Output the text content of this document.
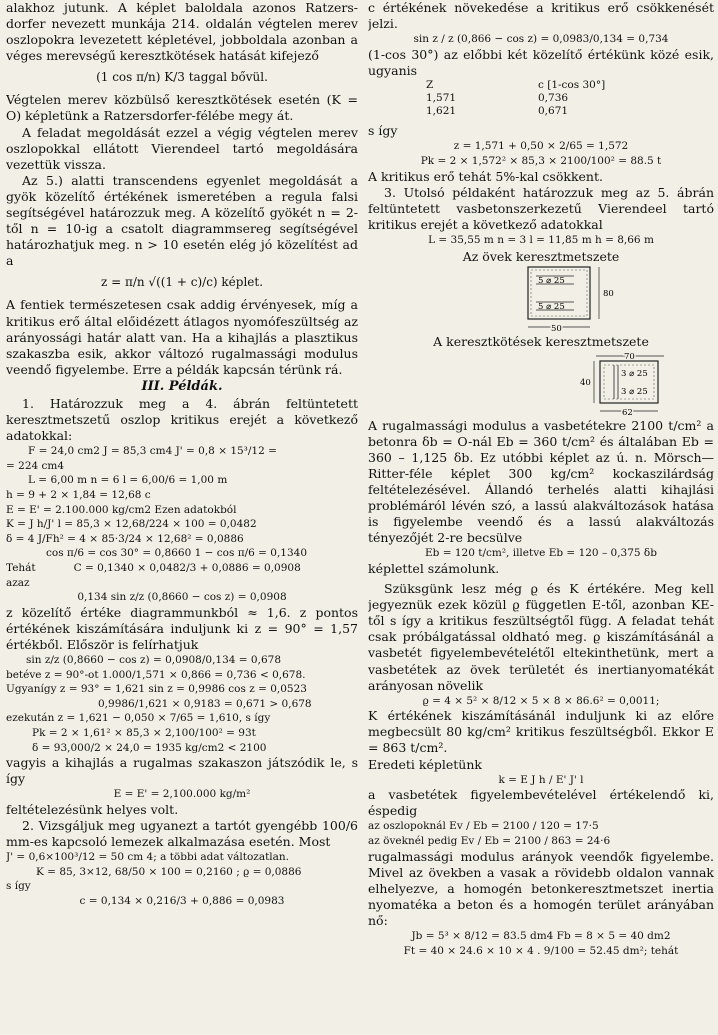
alakhoz jutunk. A képlet baloldala azonos Ratzers-dorfer nevezett munkája 214. oldalán végtelen merev oszlopokra levezetett képletével, jobboldala azonban a véges merevségű keresztkötések hatását kifejező

(1 cos π/n) K/3 taggal bővül.

Végtelen merev közbülső keresztkötések esetén (K = O) képletünk a Ratzersdorfer-félébe megy át.

A feladat megoldását ezzel a végig végtelen merev oszlopokkal ellátott Vierendeel tartó megoldására vezettük vissza.

Az 5.) alatti transcendens egyenlet megoldását a gyök közelítő értékének ismeretében a regula falsi segítségével határozzuk meg. A közelítő gyökét n = 2-től n = 10-ig a csatolt diagrammsereg segítségével határozhatjuk meg. n > 10 esetén elég jó közelítést ad a

z = π/n √((1 + c)/c) képlet.

A fentiek természetesen csak addig érvényesek, míg a kritikus erő által előidézett átlagos nyomófeszültség az arányossági határ alatt van. Ha a kihajlás a plasztikus szakaszba esik, akkor változó rugalmassági modulus veendő figyelembe. Erre a példák kapcsán térünk rá.

III. Példák.

1. Határozzuk meg a 4. ábrán feltüntetett keresztmetszetű oszlop kritikus erejét a következő adatokkal:

F = 24,0 cm2 J = 85,3 cm4 J' = 0,8 × 15³/12 =

= 224 cm4

L = 6,00 m n = 6 l = 6,00/6 = 1,00 m

h = 9 + 2 × 1,84 = 12,68 c

E = E' = 2.100.000 kg/cm2 Ezen adatokból

K = J h/J' l = 85,3 × 12,68/224 × 100 = 0,0482

δ = 4 J/Fh² = 4 × 85·3/24 × 12,68² = 0,0886

cos π/6 = cos 30° = 0,8660 1 − cos π/6 = 0,1340

Tehát	C = 0,1340 × 0,0482/3 + 0,0886 = 0,0908

azaz

0,134 sin z/z (0,8660 − cos z) = 0,0908

z közelítő értéke diagrammunkból ≈ 1,6. z pontos értékének kiszámítására induljunk ki z = 90° = 1,57 értékből. Először is felírhatjuk

sin z/z (0,8660 − cos z) = 0,0908/0,134 = 0,678

betéve z = 90°-ot 1.000/1,571 × 0,866 = 0,736 < 0,678.

Ugyanígy z = 93° = 1,621 sin z = 0,9986 cos z = 0,0523

0,9986/1,621 × 0,9183 = 0,671 > 0,678

ezekután z = 1,621 − 0,050 × 7/65 = 1,610, s így

Pk = 2 × 1,61² × 85,3 × 2,100/100² = 93t

δ = 93,000/2 × 24,0 = 1935 kg/cm2 < 2100

vagyis a kihajlás a rugalmas szakaszon játszódik le, s így

E = E' = 2,100.000 kg/m²

feltételezésünk helyes volt.

2. Vizsgáljuk meg ugyanezt a tartót gyengébb 100/6 mm-es kapcsoló lemezek alkalmazása esetén. Most

J' = 0,6×100³/12 = 50 cm 4; a többi adat változatlan.

K = 85, 3×12, 68/50 × 100 = 0,2160 ; ϱ = 0,0886

s így

c = 0,134 × 0,216/3 + 0,886 = 0,0983

c értékének növekedése a kritikus erő csökkenését jelzi.

sin z / z (0,866 − cos z) = 0,0983/0,134 = 0,734

(1-cos 30°) az előbbi két közelítő értékünk közé esik, ugyanis

Z	c [1-cos 30°]
1,571	0,736
1,621	0,671

s így

z = 1,571 + 0,50 × 2/65 = 1,572

Pk = 2 × 1,572² × 85,3 × 2100/100² = 88.5 t

A kritikus erő tehát 5%-kal csökkent.

3. Utolsó példaként határozzuk meg az 5. ábrán feltüntetett vasbetonszerkezetű Vierendeel tartó kritikus erejét a következő adatokkal

L = 35,55 m n = 3 l = 11,85 m h = 8,66 m

Az övek keresztmetszete

5 ⌀ 25
5 ⌀ 25
80
50

A keresztkötések keresztmetszete

70
3 ⌀ 25
3 ⌀ 25
40
62

A rugalmassági modulus a vasbetétekre 2100 t/cm² a betonra δb = O-nál Eb = 360 t/cm² és általában Eb = 360 – 1,125 δb. Ez utóbbi képlet az ú. n. Mörsch—Ritter-féle képlet 300 kg/cm² kockaszilárdság feltételezésével. Állandó terhelés alatti kihajlási problémáról lévén szó, a lassú alakváltozások hatása is figyelembe veendő és a lassú alakváltozás tényezőjét 2-re becsülve

Eb = 120 t/cm², illetve Eb = 120 – 0,375 δb

képlettel számolunk.

Szüksgünk lesz még ϱ és K értékére. Meg kell jegyeznük ezek közül ϱ független E-től, azonban KE-től s így a kritikus feszültségtől függ. A feladat tehát csak próbálgatással oldható meg. ϱ kiszámításánál a vasbetét figyelembevételétől eltekinthetünk, mert a vasbetétek az övek területét és inertianyomatékát arányosan növelik

ϱ = 4 × 5² × 8/12 × 5 × 8 × 86.6² = 0,0011;

K értékének kiszámításánál induljunk ki az előre megbecsült 80 kg/cm² kritikus feszültségből. Ekkor E = 863 t/cm².

Eredeti képletünk

k = E J h / E' J' l

a vasbetétek figyelembevételével értékelendő ki, éspedig

az oszlopoknál Ev / Eb = 2100 / 120 = 17·5

az öveknél pedig Ev / Eb = 2100 / 863 = 24·6

rugalmassági modulus arányok veendők figyelembe. Mivel az övekben a vasak a rövidebb oldalon vannak elhelyezve, a homogén betonkeresztmetszet inertia nyomatéka a beton és a homogén terület arányában nő:

Jb = 5³ × 8/12 = 83.5 dm4 Fb = 8 × 5 = 40 dm2

Ft = 40 × 24.6 × 10 × 4 . 9/100 = 52.45 dm²; tehát
